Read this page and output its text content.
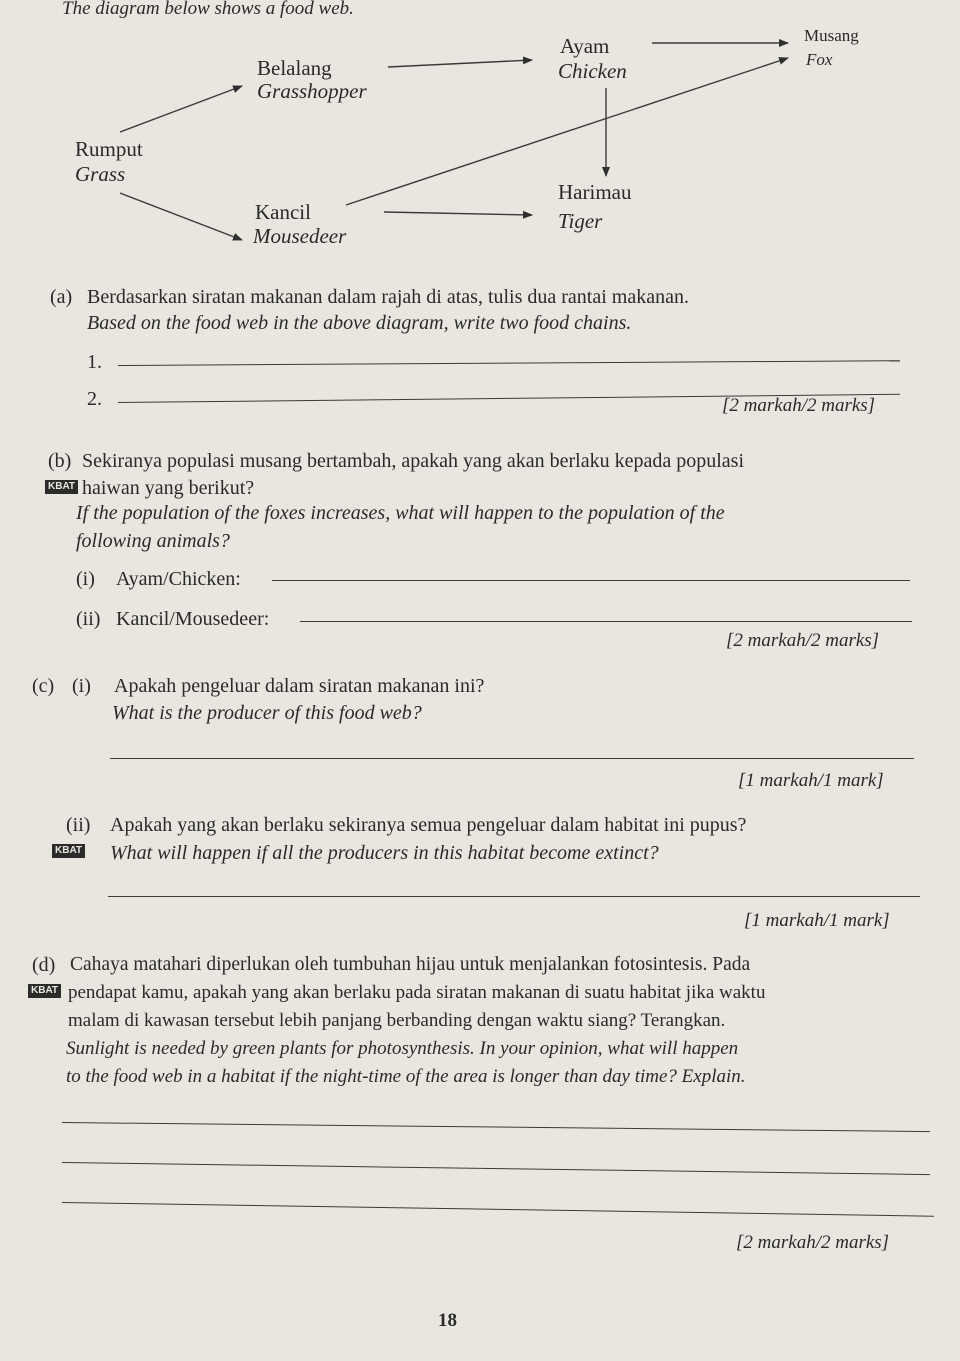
The diagram below shows a food web.
Rumput
Grass
Belalang
Grasshopper
Kancil
Mousedeer
Ayam
Chicken
Harimau
Tiger
Musang
Fox
(a) Berdasarkan siratan makanan dalam rajah di atas, tulis dua rantai makanan.
Based on the food web in the above diagram, write two food chains.
1.
2.	[2 markah/2 marks]
(b) Sekiranya populasi musang bertambah, apakah yang akan berlaku kepada populasi
KBAT haiwan yang berikut?
If the population of the foxes increases, what will happen to the population of the
following animals?
(i) Ayam/Chicken:
(ii) Kancil/Mousedeer:
[2 markah/2 marks]
(c) (i) Apakah pengeluar dalam siratan makanan ini?
What is the producer of this food web?
[1 markah/1 mark]
(ii) Apakah yang akan berlaku sekiranya semua pengeluar dalam habitat ini pupus?
KBAT What will happen if all the producers in this habitat become extinct?
[1 markah/1 mark]
(d) Cahaya matahari diperlukan oleh tumbuhan hijau untuk menjalankan fotosintesis. Pada
KBAT pendapat kamu, apakah yang akan berlaku pada siratan makanan di suatu habitat jika waktu
malam di kawasan tersebut lebih panjang berbanding dengan waktu siang? Terangkan.
Sunlight is needed by green plants for photosynthesis. In your opinion, what will happen
to the food web in a habitat if the night-time of the area is longer than day time? Explain.
[2 markah/2 marks]
18
